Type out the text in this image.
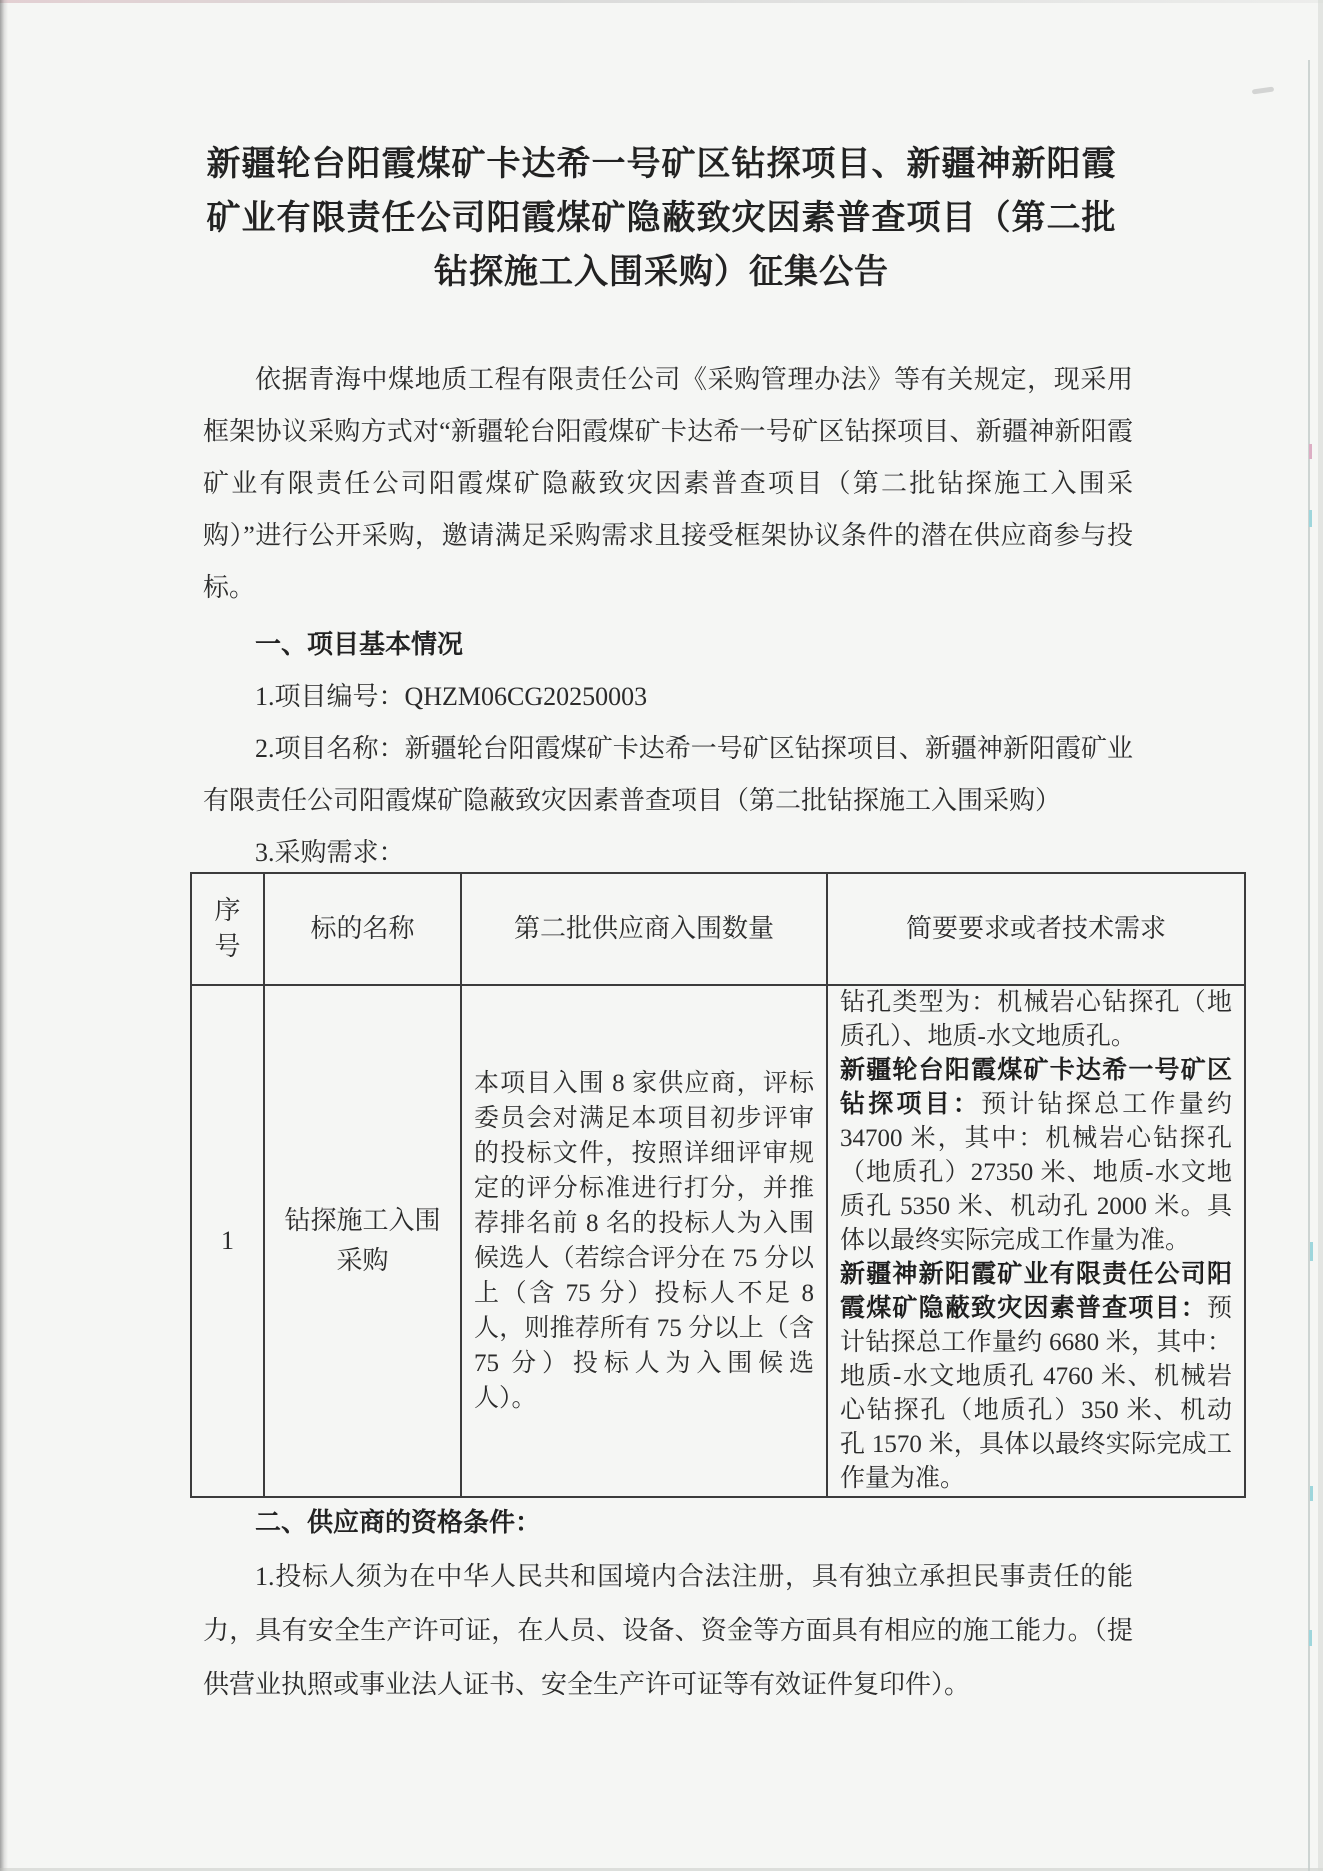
新疆轮台阳霞煤矿卡达希一号矿区钻探项目、新疆神新阳霞
矿业有限责任公司阳霞煤矿隐蔽致灾因素普查项目（第二批
钻探施工入围采购）征集公告
依据青海中煤地质工程有限责任公司《采购管理办法》等有关规定，现采用框架协议采购方式对“新疆轮台阳霞煤矿卡达希一号矿区钻探项目、新疆神新阳霞矿业有限责任公司阳霞煤矿隐蔽致灾因素普查项目（第二批钻探施工入围采购）”进行公开采购，邀请满足采购需求且接受框架协议条件的潜在供应商参与投标。
一、项目基本情况
1.项目编号：QHZM06CG20250003
2.项目名称：新疆轮台阳霞煤矿卡达希一号矿区钻探项目、新疆神新阳霞矿业有限责任公司阳霞煤矿隐蔽致灾因素普查项目（第二批钻探施工入围采购）
3.采购需求：
序号	标的名称	第二批供应商入围数量	简要要求或者技术需求
1	钻探施工入围采购	本项目入围 8 家供应商，评标委员会对满足本项目初步评审的投标文件，按照详细评审规定的评分标准进行打分，并推荐排名前 8 名的投标人为入围候选人（若综合评分在 75 分以上（含 75 分）投标人不足 8 人，则推荐所有 75 分以上（含 75 分）投标人为入围候选人）。	钻孔类型为：机械岩心钻探孔（地质孔）、地质-水文地质孔。
新疆轮台阳霞煤矿卡达希一号矿区钻探项目：预计钻探总工作量约 34700 米，其中：机械岩心钻探孔（地质孔）27350 米、地质-水文地质孔 5350 米、机动孔 2000 米。具体以最终实际完成工作量为准。
新疆神新阳霞矿业有限责任公司阳霞煤矿隐蔽致灾因素普查项目：预计钻探总工作量约 6680 米，其中：地质-水文地质孔 4760 米、机械岩心钻探孔（地质孔）350 米、机动孔 1570 米，具体以最终实际完成工作量为准。
二、供应商的资格条件：
1.投标人须为在中华人民共和国境内合法注册，具有独立承担民事责任的能力，具有安全生产许可证，在人员、设备、资金等方面具有相应的施工能力。（提供营业执照或事业法人证书、安全生产许可证等有效证件复印件）。
